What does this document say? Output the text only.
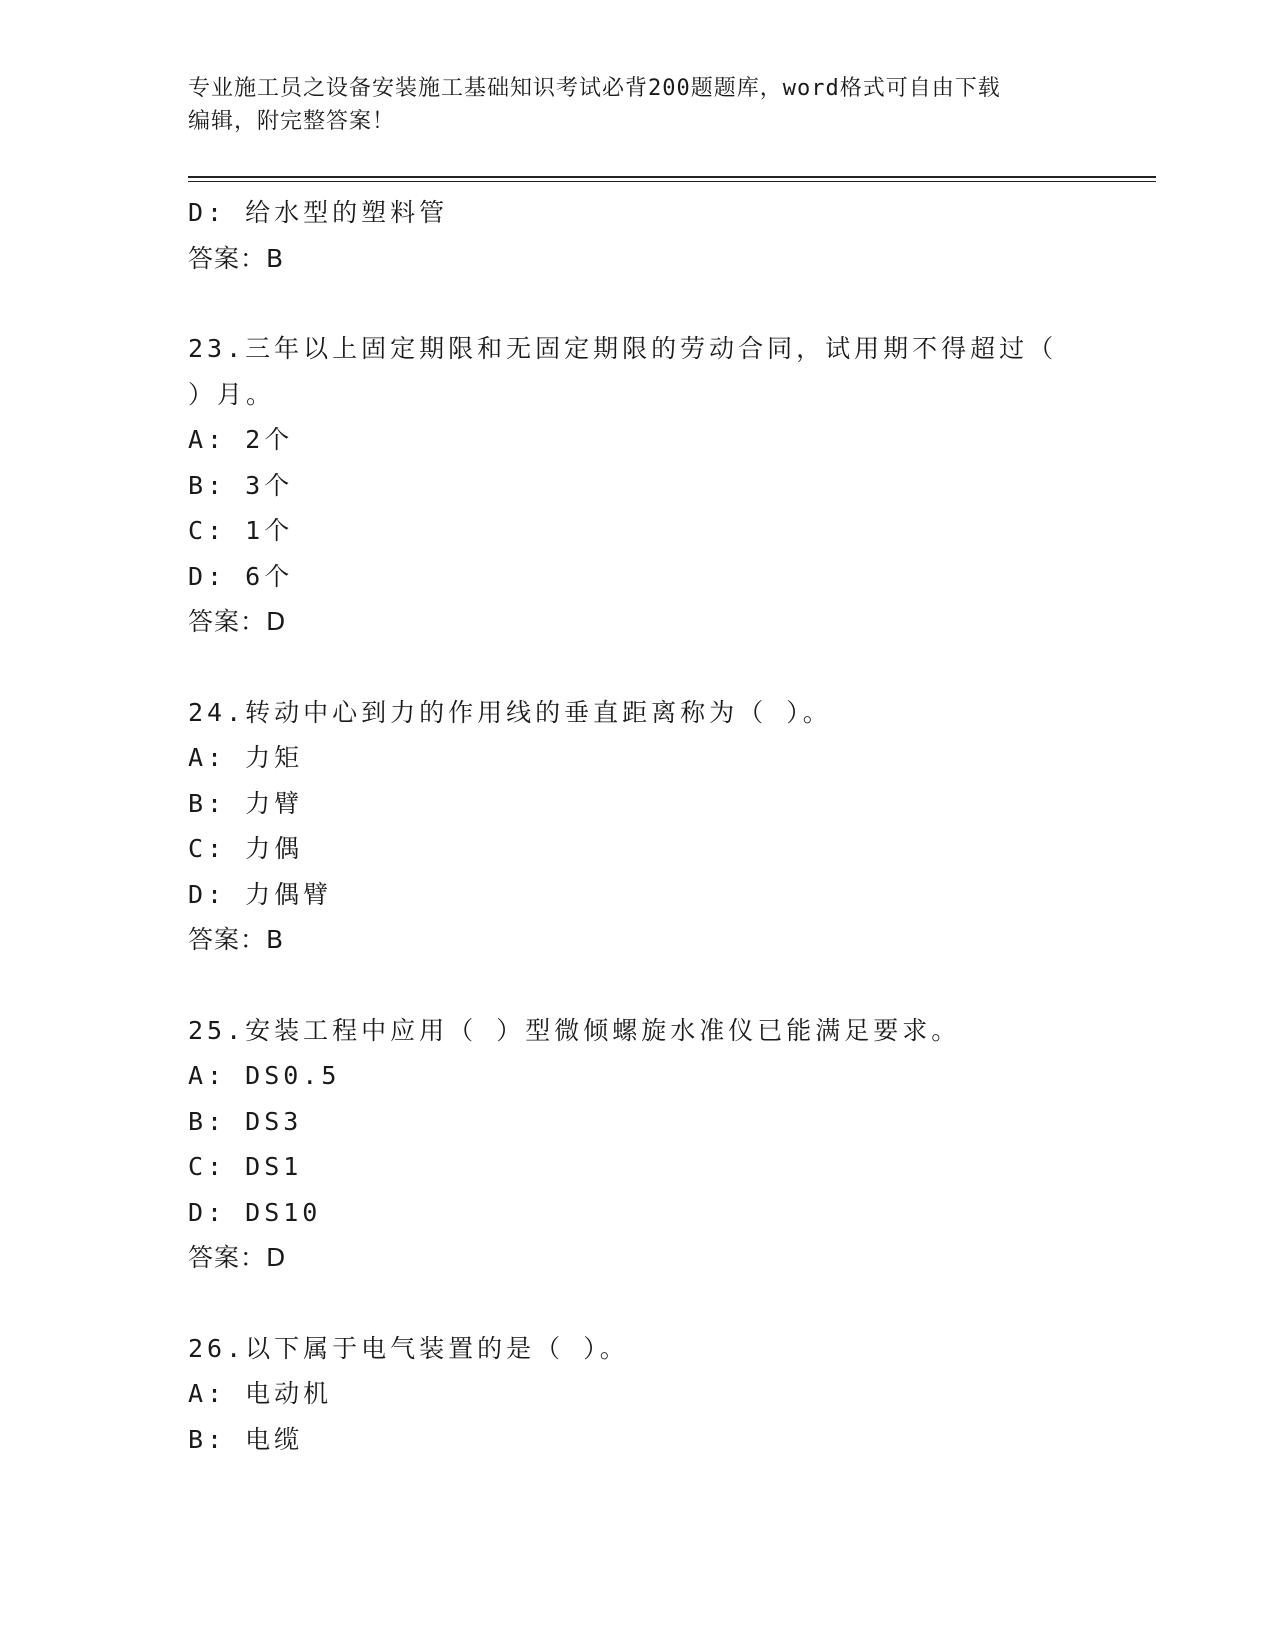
专业施工员之设备安装施工基础知识考试必背200题题库，word格式可自由下载
编辑，附完整答案！
D: 给水型的塑料管
答案：B
23.三年以上固定期限和无固定期限的劳动合同，试用期不得超过（
）月。
A: 2个
B: 3个
C: 1个
D: 6个
答案：D
24.转动中心到力的作用线的垂直距离称为（ ）。
A: 力矩
B: 力臂
C: 力偶
D: 力偶臂
答案：B
25.安装工程中应用（ ）型微倾螺旋水准仪已能满足要求。
A: DS0.5
B: DS3
C: DS1
D: DS10
答案：D
26.以下属于电气装置的是（ ）。
A: 电动机
B: 电缆
